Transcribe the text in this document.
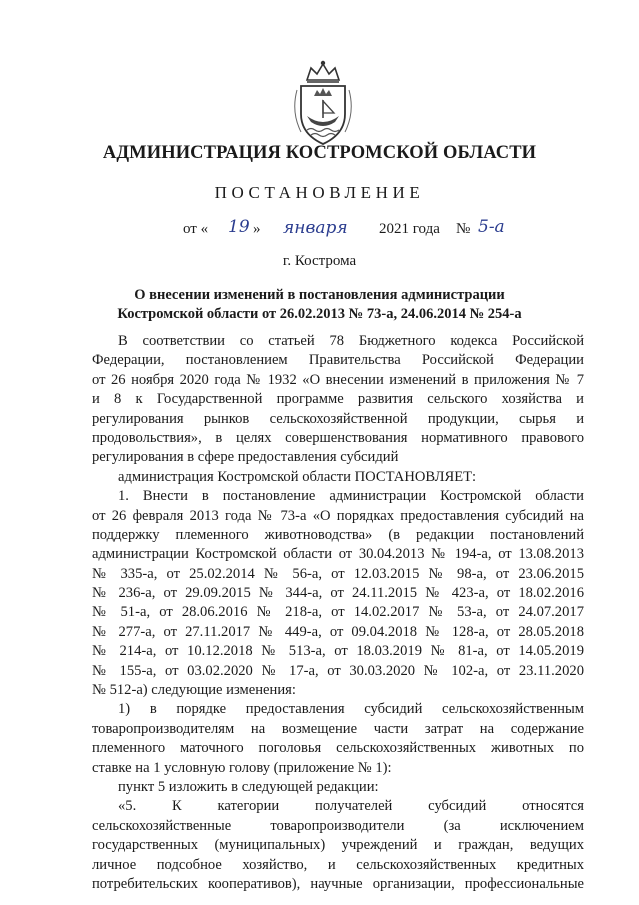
АДМИНИСТРАЦИЯ КОСТРОМСКОЙ ОБЛАСТИ
ПОСТАНОВЛЕНИЕ
от « 19 » января 2021 года № 5-а
г. Кострома
О внесении изменений в постановления администрации
Костромской области от 26.02.2013 № 73-а, 24.06.2014 № 254-а
В соответствии со статьей 78 Бюджетного кодекса Российской
Федерации, постановлением Правительства Российской Федерации
от 26 ноября 2020 года № 1932 «О внесении изменений в приложения № 7
и 8 к Государственной программе развития сельского хозяйства и
регулирования рынков сельскохозяйственной продукции, сырья и
продовольствия», в целях совершенствования нормативного правового
регулирования в сфере предоставления субсидий
администрация Костромской области ПОСТАНОВЛЯЕТ:
1. Внести в постановление администрации Костромской области
от 26 февраля 2013 года № 73-а «О порядках предоставления субсидий на
поддержку племенного животноводства» (в редакции постановлений
администрации Костромской области от 30.04.2013 № 194-а, от 13.08.2013
№ 335-а, от 25.02.2014 № 56-а, от 12.03.2015 № 98-а, от 23.06.2015
№ 236-а, от 29.09.2015 № 344-а, от 24.11.2015 № 423-а, от 18.02.2016
№ 51-а, от 28.06.2016 № 218-а, от 14.02.2017 № 53-а, от 24.07.2017
№ 277-а, от 27.11.2017 № 449-а, от 09.04.2018 № 128-а, от 28.05.2018
№ 214-а, от 10.12.2018 № 513-а, от 18.03.2019 № 81-а, от 14.05.2019
№ 155-а, от 03.02.2020 № 17-а, от 30.03.2020 № 102-а, от 23.11.2020
№ 512-а) следующие изменения:
1) в порядке предоставления субсидий сельскохозяйственным
товаропроизводителям на возмещение части затрат на содержание
племенного маточного поголовья сельскохозяйственных животных по
ставке на 1 условную голову (приложение № 1):
пункт 5 изложить в следующей редакции:
«5. К категории получателей субсидий относятся
сельскохозяйственные товаропроизводители (за исключением
государственных (муниципальных) учреждений и граждан, ведущих
личное подсобное хозяйство, и сельскохозяйственных кредитных
потребительских кооперативов), научные организации, профессиональные
